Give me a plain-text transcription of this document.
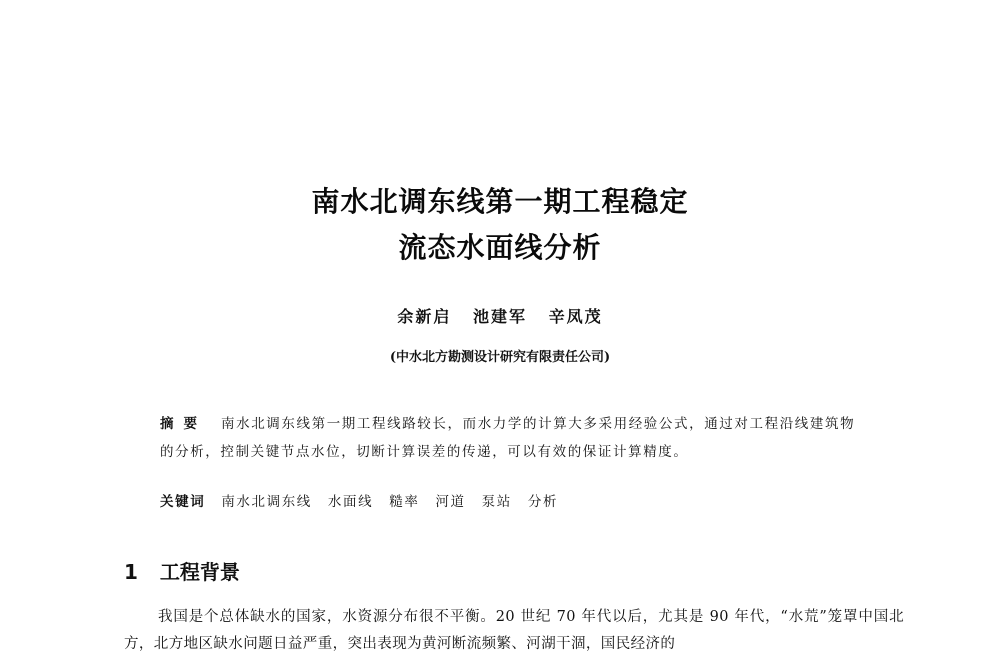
南水北调东线第一期工程稳定
流态水面线分析
余新启 池建军 辛凤茂
(中水北方勘测设计研究有限责任公司)
摘要 南水北调东线第一期工程线路较长，而水力学的计算大多采用经验公式，通过对工程沿线建筑物的分析，控制关键节点水位，切断计算误差的传递，可以有效的保证计算精度。
关键词 南水北调东线 水面线 糙率 河道 泵站 分析
1 工程背景
我国是个总体缺水的国家，水资源分布很不平衡。20 世纪 70 年代以后，尤其是 90 年代，“水荒”笼罩中国北方，北方地区缺水问题日益严重，突出表现为黄河断流频繁、河湖干涸，国民经济的
